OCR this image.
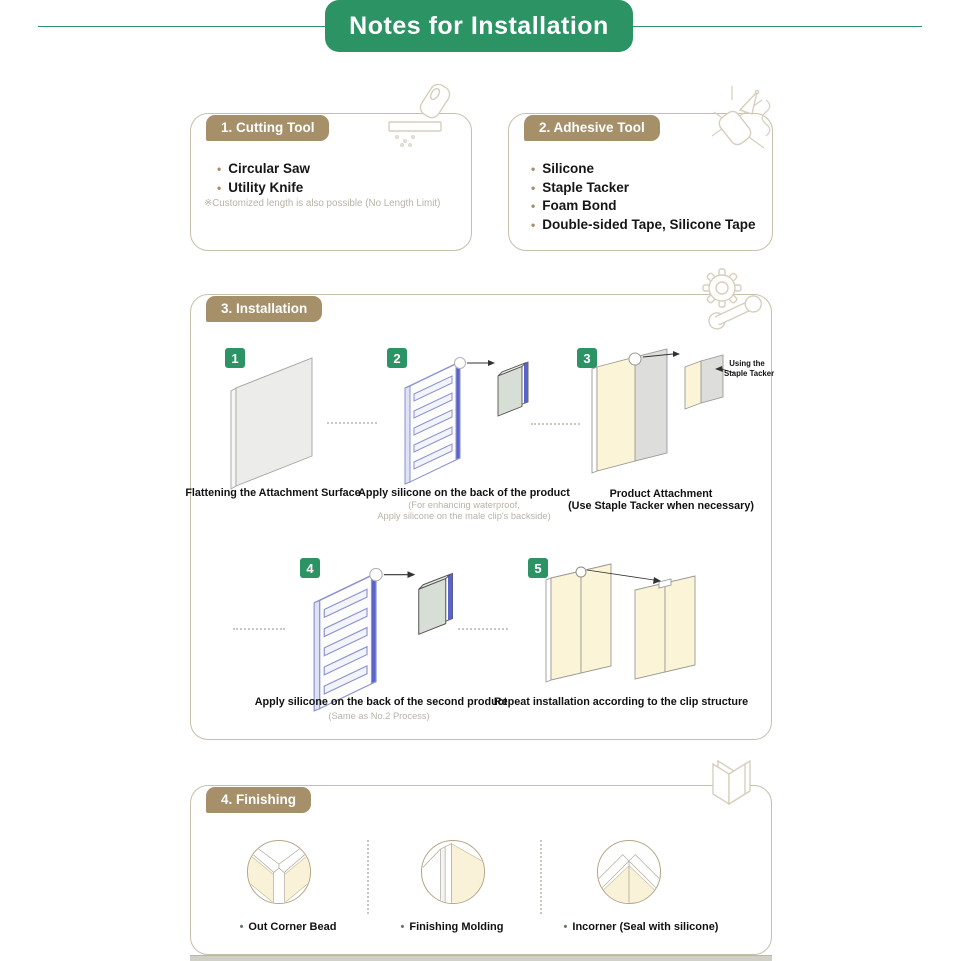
Notes for Installation
1. Cutting Tool
• Circular Saw
• Utility Knife
※Customized length is also possible (No Length Limit)
2. Adhesive Tool
• Silicone
• Staple Tacker
• Foam Bond
• Double-sided Tape, Silicone Tape
3. Installation
1	2	3
4	5
Using the
Staple Tacker
Flattening the Attachment Surface
Apply silicone on the back of the product
(For enhancing waterproof,
Apply silicone on the male clip's backside)
Product Attachment
(Use Staple Tacker when necessary)
Apply silicone on the back of the second product
(Same as No.2 Process)
Repeat installation according to the clip structure
4. Finishing
• Out Corner Bead	• Finishing Molding	• Incorner (Seal with silicone)
